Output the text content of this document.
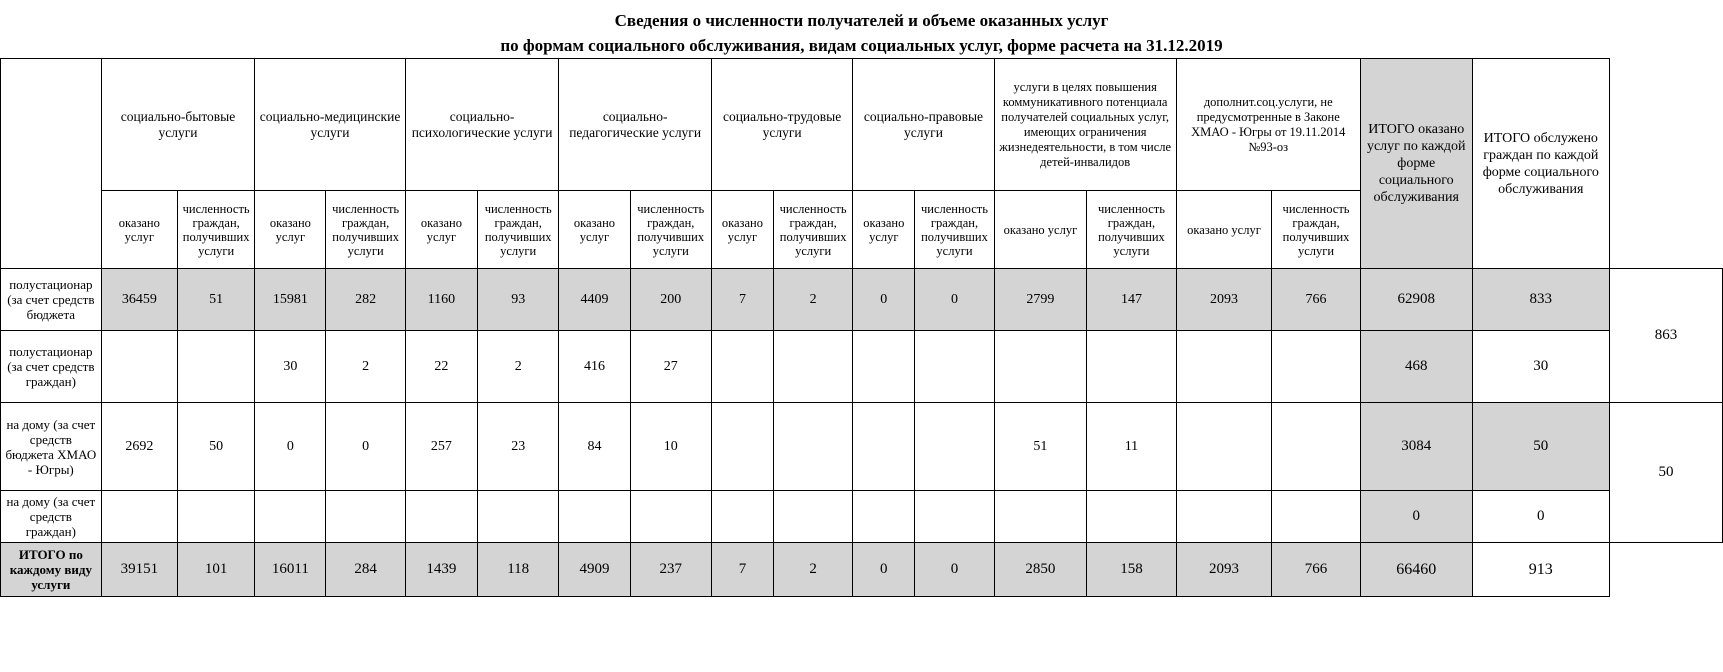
Сведения о численности получателей и объеме оказанных услуг
по формам социального обслуживания, видам социальных услуг, форме расчета на 31.12.2019
	социально-бытовые услуги		социально-медицинские услуги		социально-психологические услуги		социально-педагогические услуги		социально-трудовые услуги		социально-правовые услуги		услуги в целях повышения коммуникативного потенциала получателей социальных услуг, имеющих ограничения жизнедеятельности, в том числе детей-инвалидов		дополнит.соц.услуги, не предусмотренные в Законе ХМАО - Югры от 19.11.2014 №93-оз		ИТОГО оказано услуг по каждой форме социального обслуживания	ИТОГО обслужено граждан по каждой форме социального обслуживания	
	оказано услуг	численность граждан, получивших услуги	оказано услуг	численность граждан, получивших услуги	оказано услуг	численность граждан, получивших услуги	оказано услуг	численность граждан, получивших услуги	оказано услуг	численность граждан, получивших услуги	оказано услуг	численность граждан, получивших услуги	оказано услуг	численность граждан, получивших услуги	оказано услуг	численность граждан, получивших услуги			
полустационар (за счет средств бюджета	36459	51	15981	282	1160	93	4409	200	7	2	0	0	2799	147	2093	766	62908	833	863
полустационар (за счет средств граждан)			30	2	22	2	416	27									468	30	
на дому (за счет средств бюджета ХМАО - Югры)	2692	50	0	0	257	23	84	10					51	11			3084	50	50
на дому (за счет средств граждан)																	0	0	
ИТОГО по каждому виду услуги	39151	101	16011	284	1439	118	4909	237	7	2	0	0	2850	158	2093	766	66460	913	
